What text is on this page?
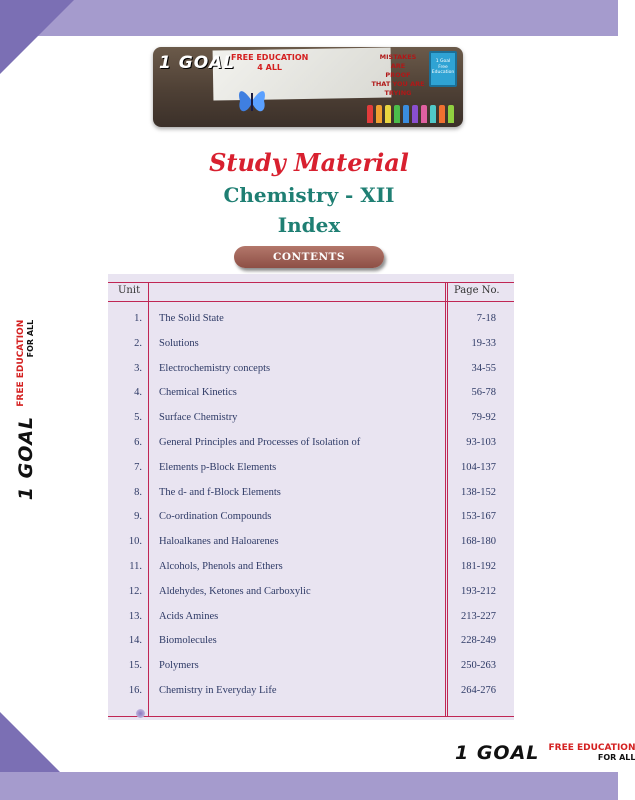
1 GOAL
FREE EDUCATION
4 ALL
MISTAKES
ARE
PROOF
THAT YOU ARE
TRYING
1 Goal
Free
Education
Study Material
Chemistry - XII
Index
CONTENTS
Unit	Page No.
1. The Solid State	7-18
2. Solutions	19-33
3. Electrochemistry concepts	34-55
4. Chemical Kinetics	56-78
5. Surface Chemistry	79-92
6. General Principles and Processes of Isolation of	93-103
7. Elements p-Block Elements	104-137
8. The d- and f-Block Elements	138-152
9. Co-ordination Compounds	153-167
10. Haloalkanes and Haloarenes	168-180
11. Alcohols, Phenols and Ethers	181-192
12. Aldehydes, Ketones and Carboxylic	193-212
13. Acids Amines	213-227
14. Biomolecules	228-249
15. Polymers	250-263
16. Chemistry in Everyday Life	264-276
1 GOAL
FREE EDUCATION FOR ALL
1 GOAL FREE EDUCATION
FOR ALL
